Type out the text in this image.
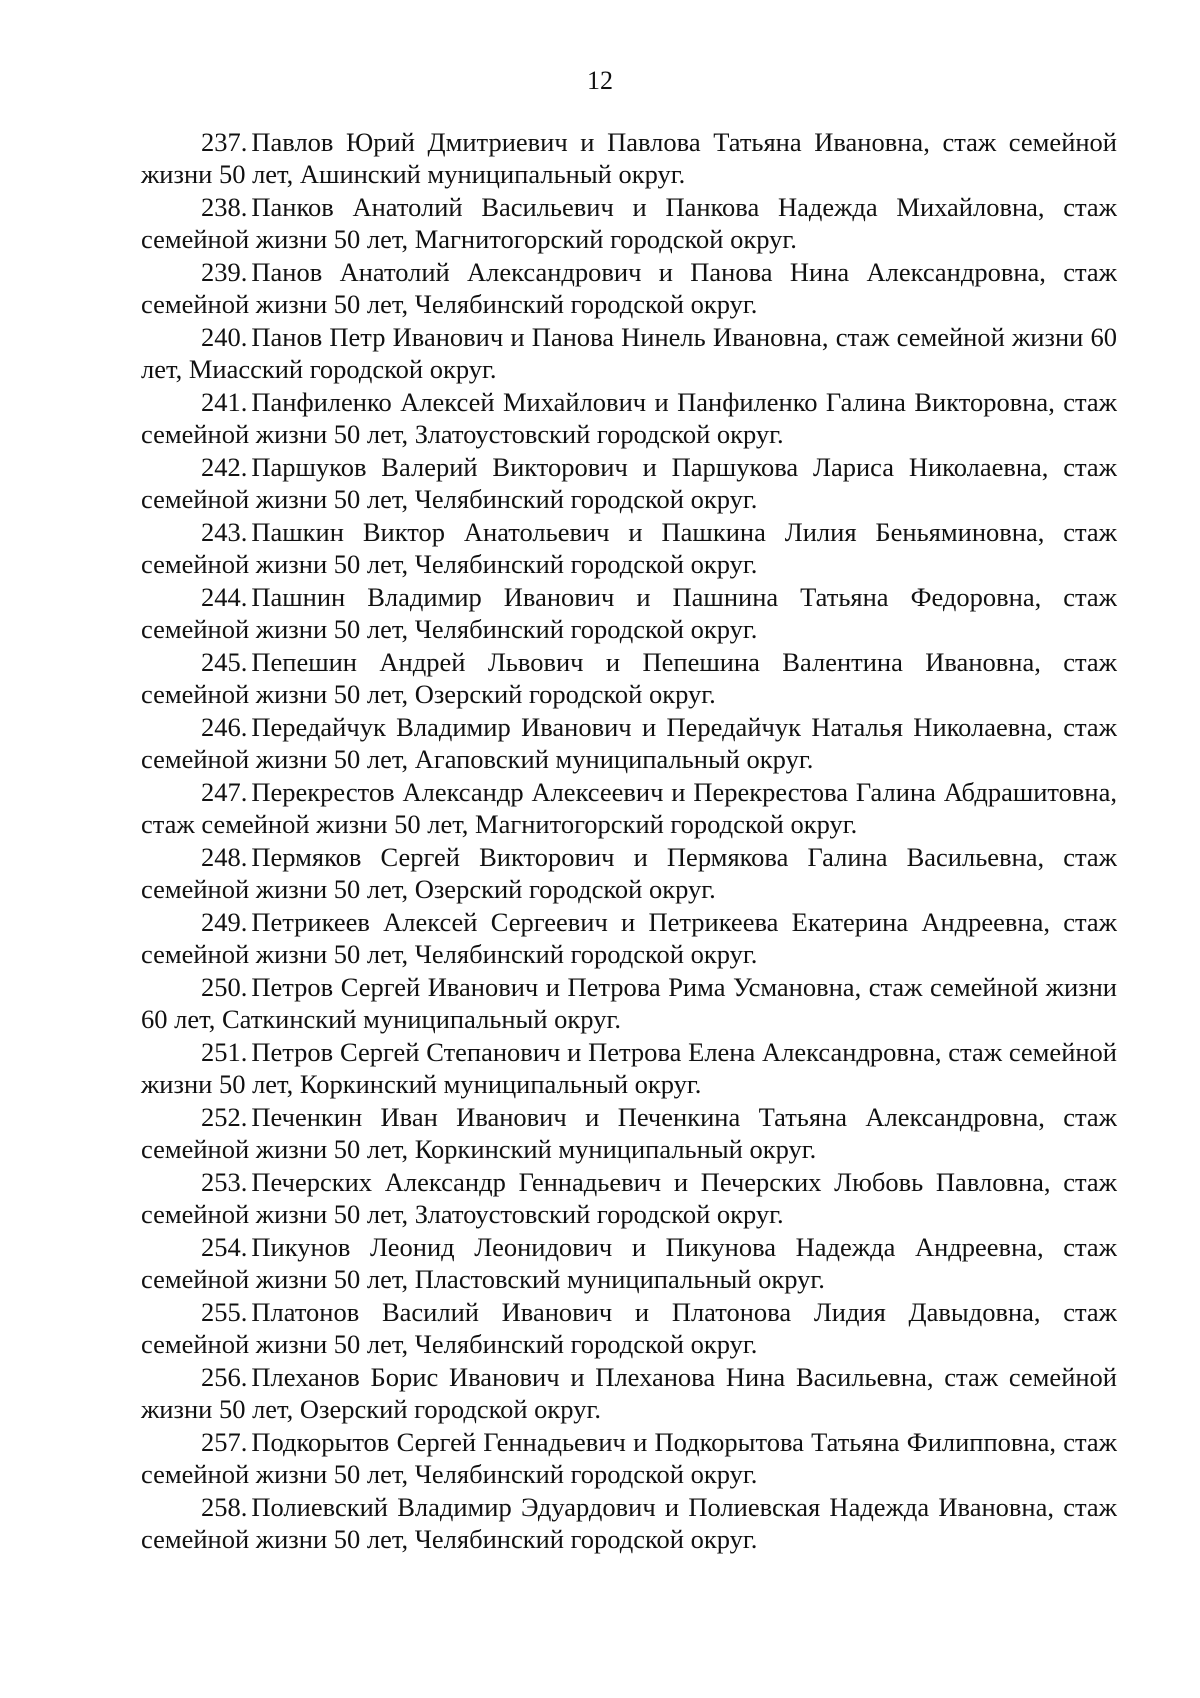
12

237. Павлов Юрий Дмитриевич и Павлова Татьяна Ивановна, стаж семейной жизни 50 лет, Ашинский муниципальный округ.

238. Панков Анатолий Васильевич и Панкова Надежда Михайловна, стаж семейной жизни 50 лет, Магнитогорский городской округ.

239. Панов Анатолий Александрович и Панова Нина Александровна, стаж семейной жизни 50 лет, Челябинский городской округ.

240. Панов Петр Иванович и Панова Нинель Ивановна, стаж семейной жизни 60 лет, Миасский городской округ.

241. Панфиленко Алексей Михайлович и Панфиленко Галина Викторовна, стаж семейной жизни 50 лет, Златоустовский городской округ.

242. Паршуков Валерий Викторович и Паршукова Лариса Николаевна, стаж семейной жизни 50 лет, Челябинский городской округ.

243. Пашкин Виктор Анатольевич и Пашкина Лилия Беньяминовна, стаж семейной жизни 50 лет, Челябинский городской округ.

244. Пашнин Владимир Иванович и Пашнина Татьяна Федоровна, стаж семейной жизни 50 лет, Челябинский городской округ.

245. Пепешин Андрей Львович и Пепешина Валентина Ивановна, стаж семейной жизни 50 лет, Озерский городской округ.

246. Передайчук Владимир Иванович и Передайчук Наталья Николаевна, стаж семейной жизни 50 лет, Агаповский муниципальный округ.

247. Перекрестов Александр Алексеевич и Перекрестова Галина Абдрашитовна, стаж семейной жизни 50 лет, Магнитогорский городской округ.

248. Пермяков Сергей Викторович и Пермякова Галина Васильевна, стаж семейной жизни 50 лет, Озерский городской округ.

249. Петрикеев Алексей Сергеевич и Петрикеева Екатерина Андреевна, стаж семейной жизни 50 лет, Челябинский городской округ.

250. Петров Сергей Иванович и Петрова Рима Усмановна, стаж семейной жизни 60 лет, Саткинский муниципальный округ.

251. Петров Сергей Степанович и Петрова Елена Александровна, стаж семейной жизни 50 лет, Коркинский муниципальный округ.

252. Печенкин Иван Иванович и Печенкина Татьяна Александровна, стаж семейной жизни 50 лет, Коркинский муниципальный округ.

253. Печерских Александр Геннадьевич и Печерских Любовь Павловна, стаж семейной жизни 50 лет, Златоустовский городской округ.

254. Пикунов Леонид Леонидович и Пикунова Надежда Андреевна, стаж семейной жизни 50 лет, Пластовский муниципальный округ.

255. Платонов Василий Иванович и Платонова Лидия Давыдовна, стаж семейной жизни 50 лет, Челябинский городской округ.

256. Плеханов Борис Иванович и Плеханова Нина Васильевна, стаж семейной жизни 50 лет, Озерский городской округ.

257. Подкорытов Сергей Геннадьевич и Подкорытова Татьяна Филипповна, стаж семейной жизни 50 лет, Челябинский городской округ.

258. Полиевский Владимир Эдуардович и Полиевская Надежда Ивановна, стаж семейной жизни 50 лет, Челябинский городской округ.
